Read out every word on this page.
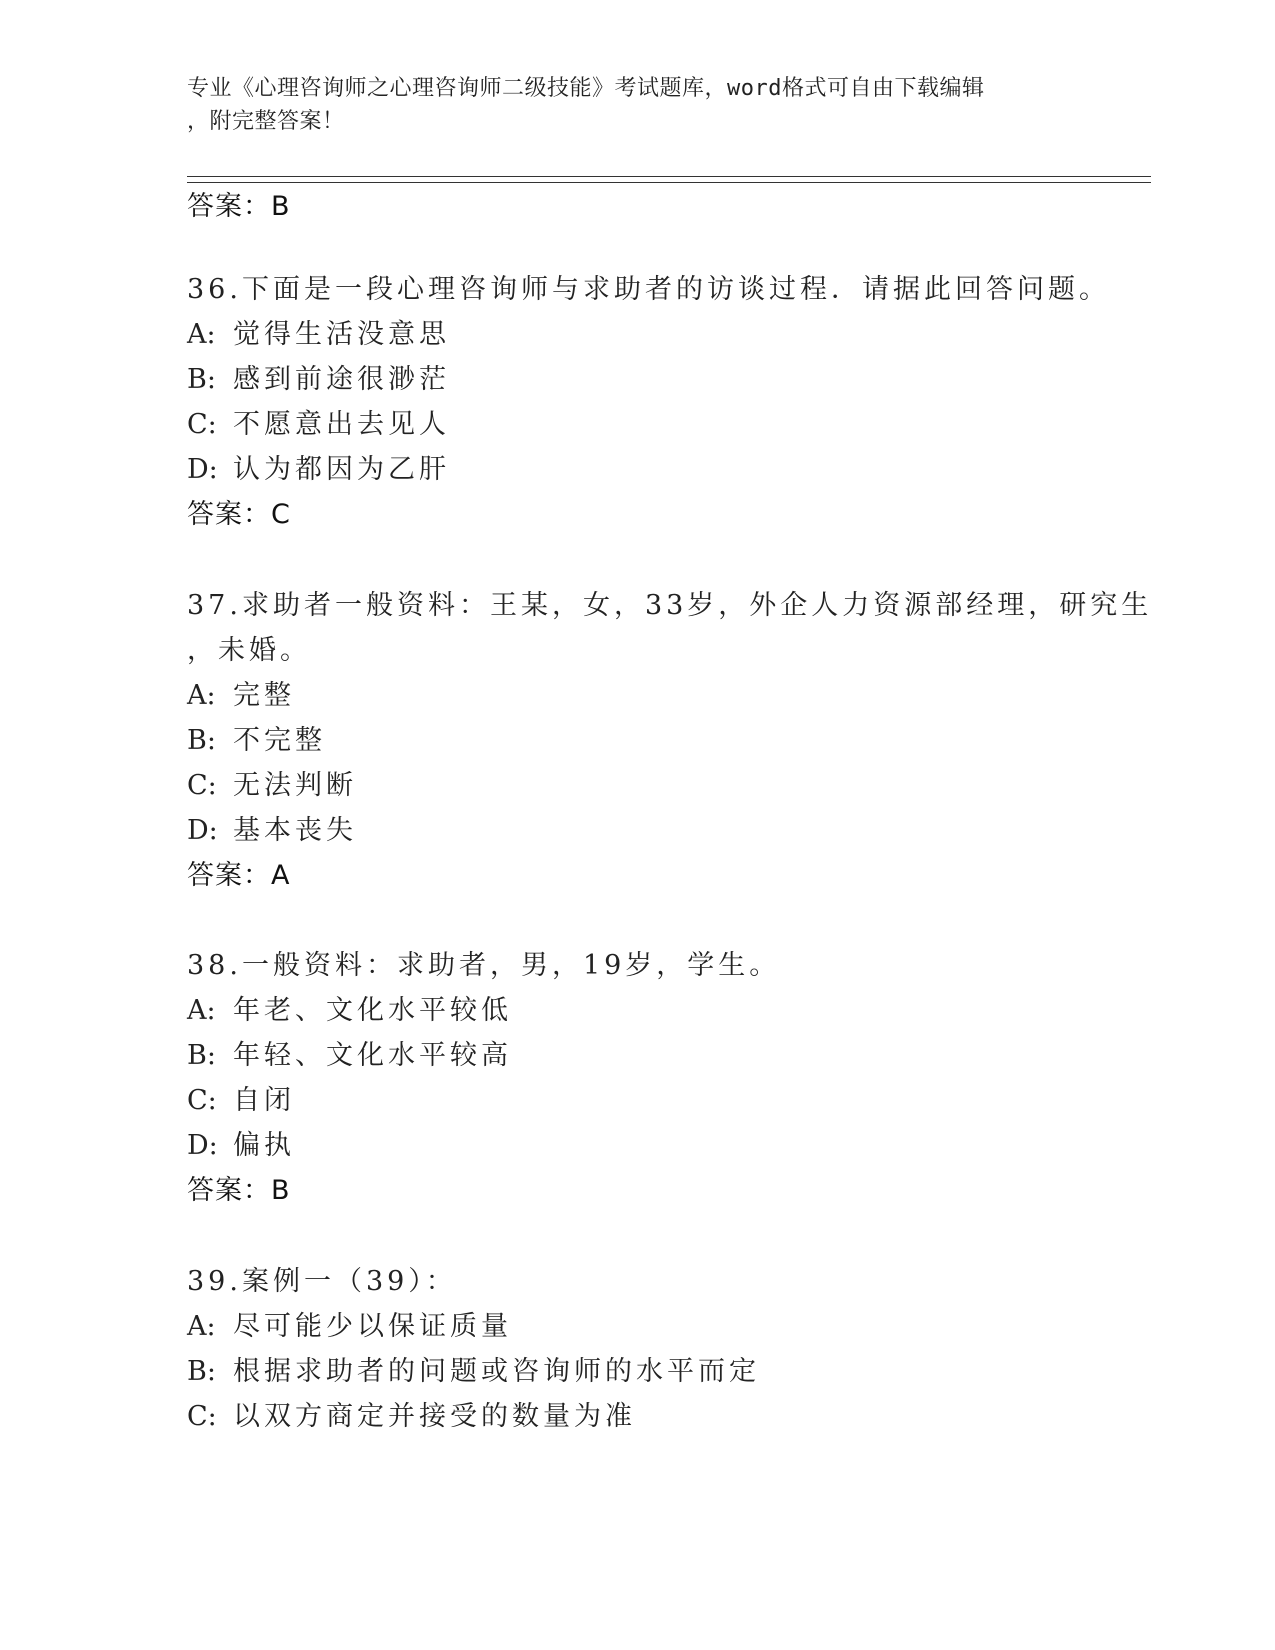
专业《心理咨询师之心理咨询师二级技能》考试题库，word格式可自由下载编辑
，附完整答案！
答案：B
36.下面是一段心理咨询师与求助者的访谈过程．请据此回答问题。
A: 觉得生活没意思
B: 感到前途很渺茫
C: 不愿意出去见人
D: 认为都因为乙肝
答案：C
37.求助者一般资料：王某，女，33岁，外企人力资源部经理，研究生
，未婚。
A: 完整
B: 不完整
C: 无法判断
D: 基本丧失
答案：A
38.一般资料：求助者，男，19岁，学生。
A: 年老、文化水平较低
B: 年轻、文化水平较高
C: 自闭
D: 偏执
答案：B
39.案例一（39）：
A: 尽可能少以保证质量
B: 根据求助者的问题或咨询师的水平而定
C: 以双方商定并接受的数量为准
